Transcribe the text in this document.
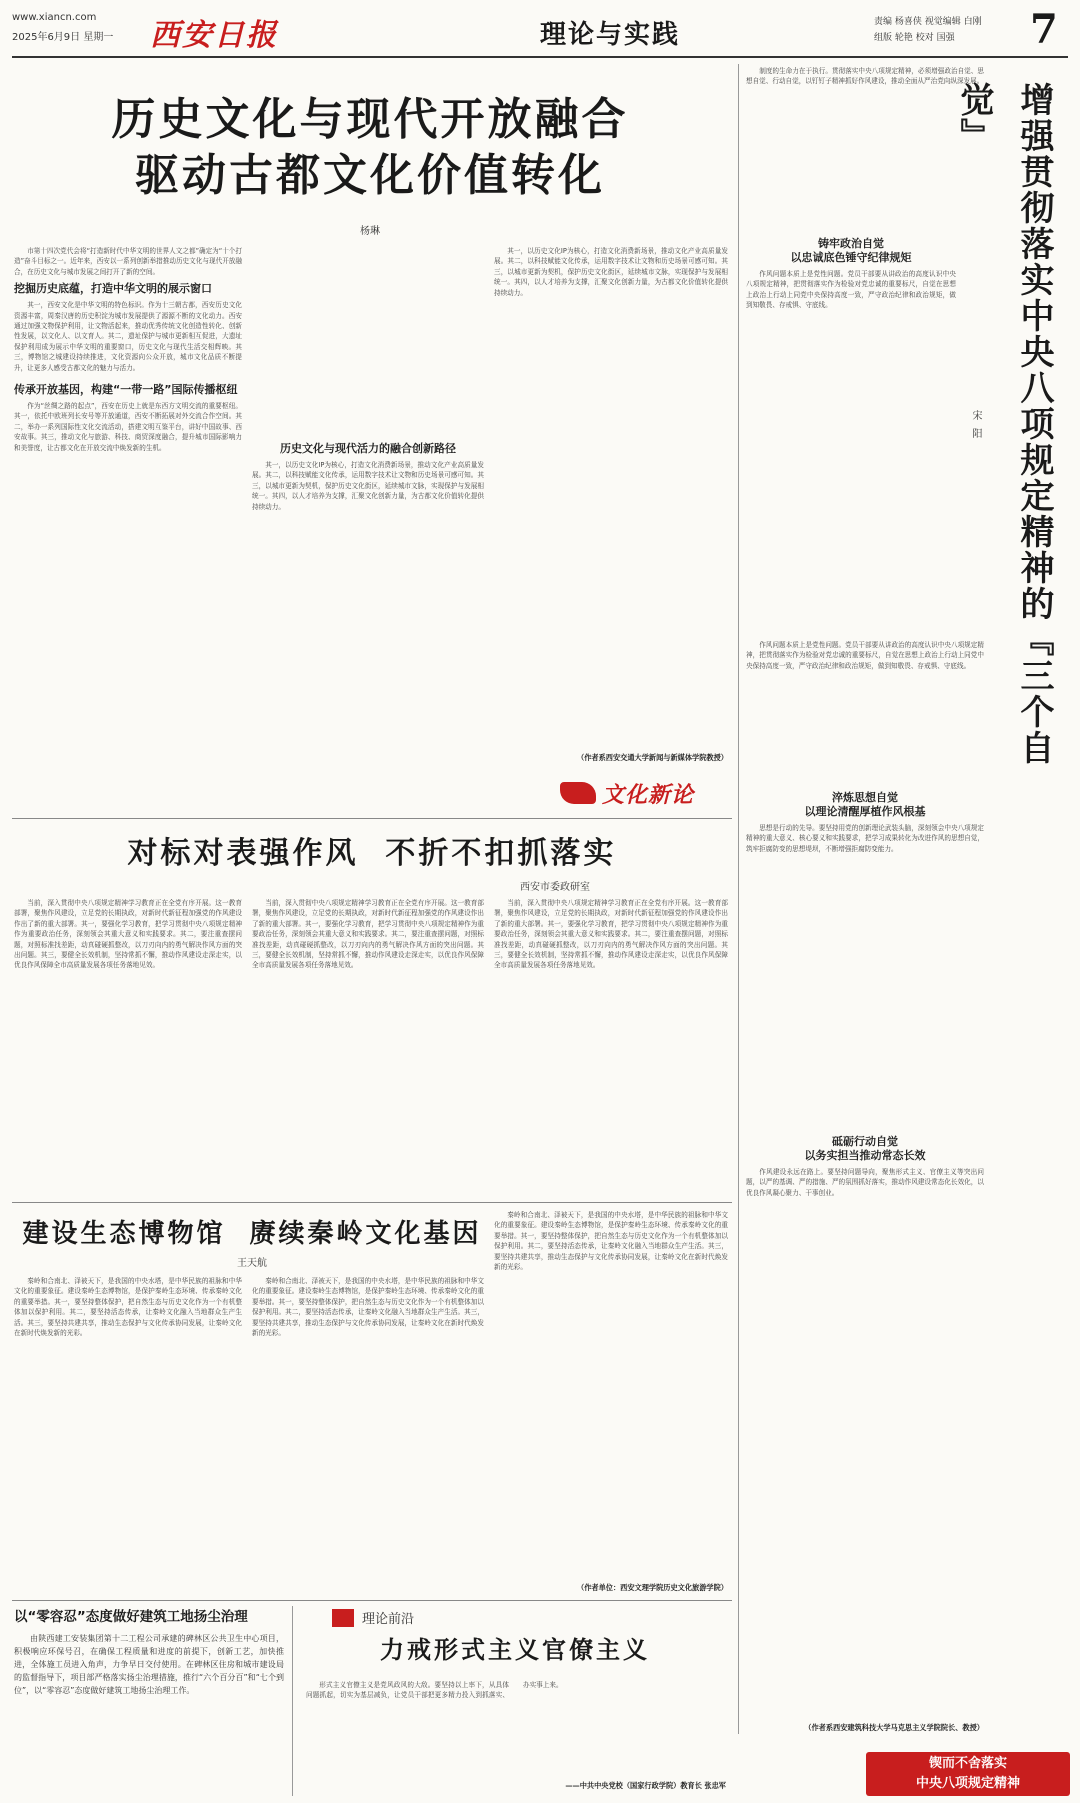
www.xiancn.com
2025年6月9日 星期一 西安日报	理论与实践	责编 杨喜侠 视觉编辑 白刚
组版 轮艳 校对 国强 7
历史文化与现代开放融合
驱动古都文化价值转化
杨琳

市第十四次党代会将“打造新时代中华文明的世界人文之都”确定为“十个打造”奋斗目标之一。近年来，西安以一系列创新举措推动历史文化与现代开放融合，在历史文化与城市发展之间打开了新的空间。

挖掘历史底蕴，打造中华文明的展示窗口

其一，西安文化是中华文明的特色标识。作为十三朝古都，西安历史文化资源丰富，周秦汉唐的历史积淀为城市发展提供了源源不断的文化动力。西安通过加强文物保护利用，让文物活起来，推动优秀传统文化创造性转化、创新性发展，以文化人、以文育人。其二，遗址保护与城市更新相互促进，大遗址保护利用成为展示中华文明的重要窗口，历史文化与现代生活交相辉映。其三，博物馆之城建设持续推进，文化资源向公众开放，城市文化品质不断提升，让更多人感受古都文化的魅力与活力。

传承开放基因，构建“一带一路”国际传播枢纽

作为“丝绸之路的起点”，西安在历史上就是东西方文明交流的重要枢纽。其一，依托中欧班列长安号等开放通道，西安不断拓展对外交流合作空间。其二，举办一系列国际性文化交流活动，搭建文明互鉴平台，讲好中国故事、西安故事。其三，推动文化与旅游、科技、商贸深度融合，提升城市国际影响力和美誉度，让古都文化在开放交流中焕发新的生机。	历史文化与现代活力的融合创新路径

其一，以历史文化IP为核心，打造文化消费新场景，推动文化产业高质量发展。其二，以科技赋能文化传承，运用数字技术让文物和历史场景可感可知。其三，以城市更新为契机，保护历史文化街区，延续城市文脉，实现保护与发展相统一。其四，以人才培养为支撑，汇聚文化创新力量，为古都文化价值转化提供持续动力。

其一，以历史文化IP为核心，打造文化消费新场景，推动文化产业高质量发展。其二，以科技赋能文化传承，运用数字技术让文物和历史场景可感可知。其三，以城市更新为契机，保护历史文化街区，延续城市文脉，实现保护与发展相统一。其四，以人才培养为支撑，汇聚文化创新力量，为古都文化价值转化提供持续动力。

（作者系西安交通大学新闻与新媒体学院教授）
文化新论
制度的生命力在于执行。贯彻落实中央八项规定精神，必须增强政治自觉、思想自觉、行动自觉，以钉钉子精神抓好作风建设，推动全面从严治党向纵深发展。
增强贯彻落实中央八项规定精神的『三个自觉』
宋阳
铸牢政治自觉
以忠诚底色锤守纪律规矩

作风问题本质上是党性问题。党员干部要从讲政治的高度认识中央八项规定精神，把贯彻落实作为检验对党忠诚的重要标尺，自觉在思想上政治上行动上同党中央保持高度一致，严守政治纪律和政治规矩，做到知敬畏、存戒惧、守底线。

作风问题本质上是党性问题。党员干部要从讲政治的高度认识中央八项规定精神，把贯彻落实作为检验对党忠诚的重要标尺，自觉在思想上政治上行动上同党中央保持高度一致，严守政治纪律和政治规矩，做到知敬畏、存戒惧、守底线。

淬炼思想自觉
以理论清醒厚植作风根基

思想是行动的先导。要坚持用党的创新理论武装头脑，深刻领会中央八项规定精神的重大意义、核心要义和实践要求，把学习成果转化为改进作风的思想自觉，筑牢拒腐防变的思想堤坝，不断增强拒腐防变能力。

砥砺行动自觉
以务实担当推动常态长效

作风建设永远在路上。要坚持问题导向，聚焦形式主义、官僚主义等突出问题，以严的基调、严的措施、严的氛围抓好落实，推动作风建设常态化长效化，以优良作风凝心聚力、干事创业。

（作者系西安建筑科技大学马克思主义学院院长、教授）
对标对表强作风  不折不扣抓落实
西安市委政研室

当前，深入贯彻中央八项规定精神学习教育正在全党有序开展。这一教育部署，聚焦作风建设，立足党的长期执政，对新时代新征程加强党的作风建设作出了新的重大部署。其一，要强化学习教育，把学习贯彻中央八项规定精神作为重要政治任务，深刻领会其重大意义和实践要求。其二，要注重查摆问题，对照标准找差距，动真碰硬抓整改，以刀刃向内的勇气解决作风方面的突出问题。其三，要健全长效机制，坚持常抓不懈，推动作风建设走深走实，以优良作风保障全市高质量发展各项任务落地见效。

当前，深入贯彻中央八项规定精神学习教育正在全党有序开展。这一教育部署，聚焦作风建设，立足党的长期执政，对新时代新征程加强党的作风建设作出了新的重大部署。其一，要强化学习教育，把学习贯彻中央八项规定精神作为重要政治任务，深刻领会其重大意义和实践要求。其二，要注重查摆问题，对照标准找差距，动真碰硬抓整改，以刀刃向内的勇气解决作风方面的突出问题。其三，要健全长效机制，坚持常抓不懈，推动作风建设走深走实，以优良作风保障全市高质量发展各项任务落地见效。

当前，深入贯彻中央八项规定精神学习教育正在全党有序开展。这一教育部署，聚焦作风建设，立足党的长期执政，对新时代新征程加强党的作风建设作出了新的重大部署。其一，要强化学习教育，把学习贯彻中央八项规定精神作为重要政治任务，深刻领会其重大意义和实践要求。其二，要注重查摆问题，对照标准找差距，动真碰硬抓整改，以刀刃向内的勇气解决作风方面的突出问题。其三，要健全长效机制，坚持常抓不懈，推动作风建设走深走实，以优良作风保障全市高质量发展各项任务落地见效。

建设生态博物馆  赓续秦岭文化基因
王天航

秦岭和合南北、泽被天下，是我国的中央水塔，是中华民族的祖脉和中华文化的重要象征。建设秦岭生态博物馆，是保护秦岭生态环境、传承秦岭文化的重要举措。其一，要坚持整体保护，把自然生态与历史文化作为一个有机整体加以保护利用。其二，要坚持活态传承，让秦岭文化融入当地群众生产生活。其三，要坚持共建共享，推动生态保护与文化传承协同发展，让秦岭文化在新时代焕发新的光彩。

秦岭和合南北、泽被天下，是我国的中央水塔，是中华民族的祖脉和中华文化的重要象征。建设秦岭生态博物馆，是保护秦岭生态环境、传承秦岭文化的重要举措。其一，要坚持整体保护，把自然生态与历史文化作为一个有机整体加以保护利用。其二，要坚持活态传承，让秦岭文化融入当地群众生产生活。其三，要坚持共建共享，推动生态保护与文化传承协同发展，让秦岭文化在新时代焕发新的光彩。

秦岭和合南北、泽被天下，是我国的中央水塔，是中华民族的祖脉和中华文化的重要象征。建设秦岭生态博物馆，是保护秦岭生态环境、传承秦岭文化的重要举措。其一，要坚持整体保护，把自然生态与历史文化作为一个有机整体加以保护利用。其二，要坚持活态传承，让秦岭文化融入当地群众生产生活。其三，要坚持共建共享，推动生态保护与文化传承协同发展，让秦岭文化在新时代焕发新的光彩。

（作者单位：西安文理学院历史文化旅游学院）
以“零容忍”态度做好建筑工地扬尘治理
由陕西建工安装集团第十二工程公司承建的碑林区公共卫生中心项目，积极响应环保号召，在确保工程质量和进度的前提下，创新工艺，加快推进，全体施工员进入角声，力争早日交付使用。在碑林区住房和城市建设局的监督指导下，项目部严格落实扬尘治理措施，推行“六个百分百”和“七个到位”，以“零容忍”态度做好建筑工地扬尘治理工作。
理论前沿
力戒形式主义官僚主义
形式主义官僚主义是党风政风的大敌。要坚持以上率下，从具体问题抓起，切实为基层减负，让党员干部把更多精力投入到抓落实、办实事上来。
——中共中央党校（国家行政学院）教育长 张忠军
锲而不舍落实
中央八项规定精神
